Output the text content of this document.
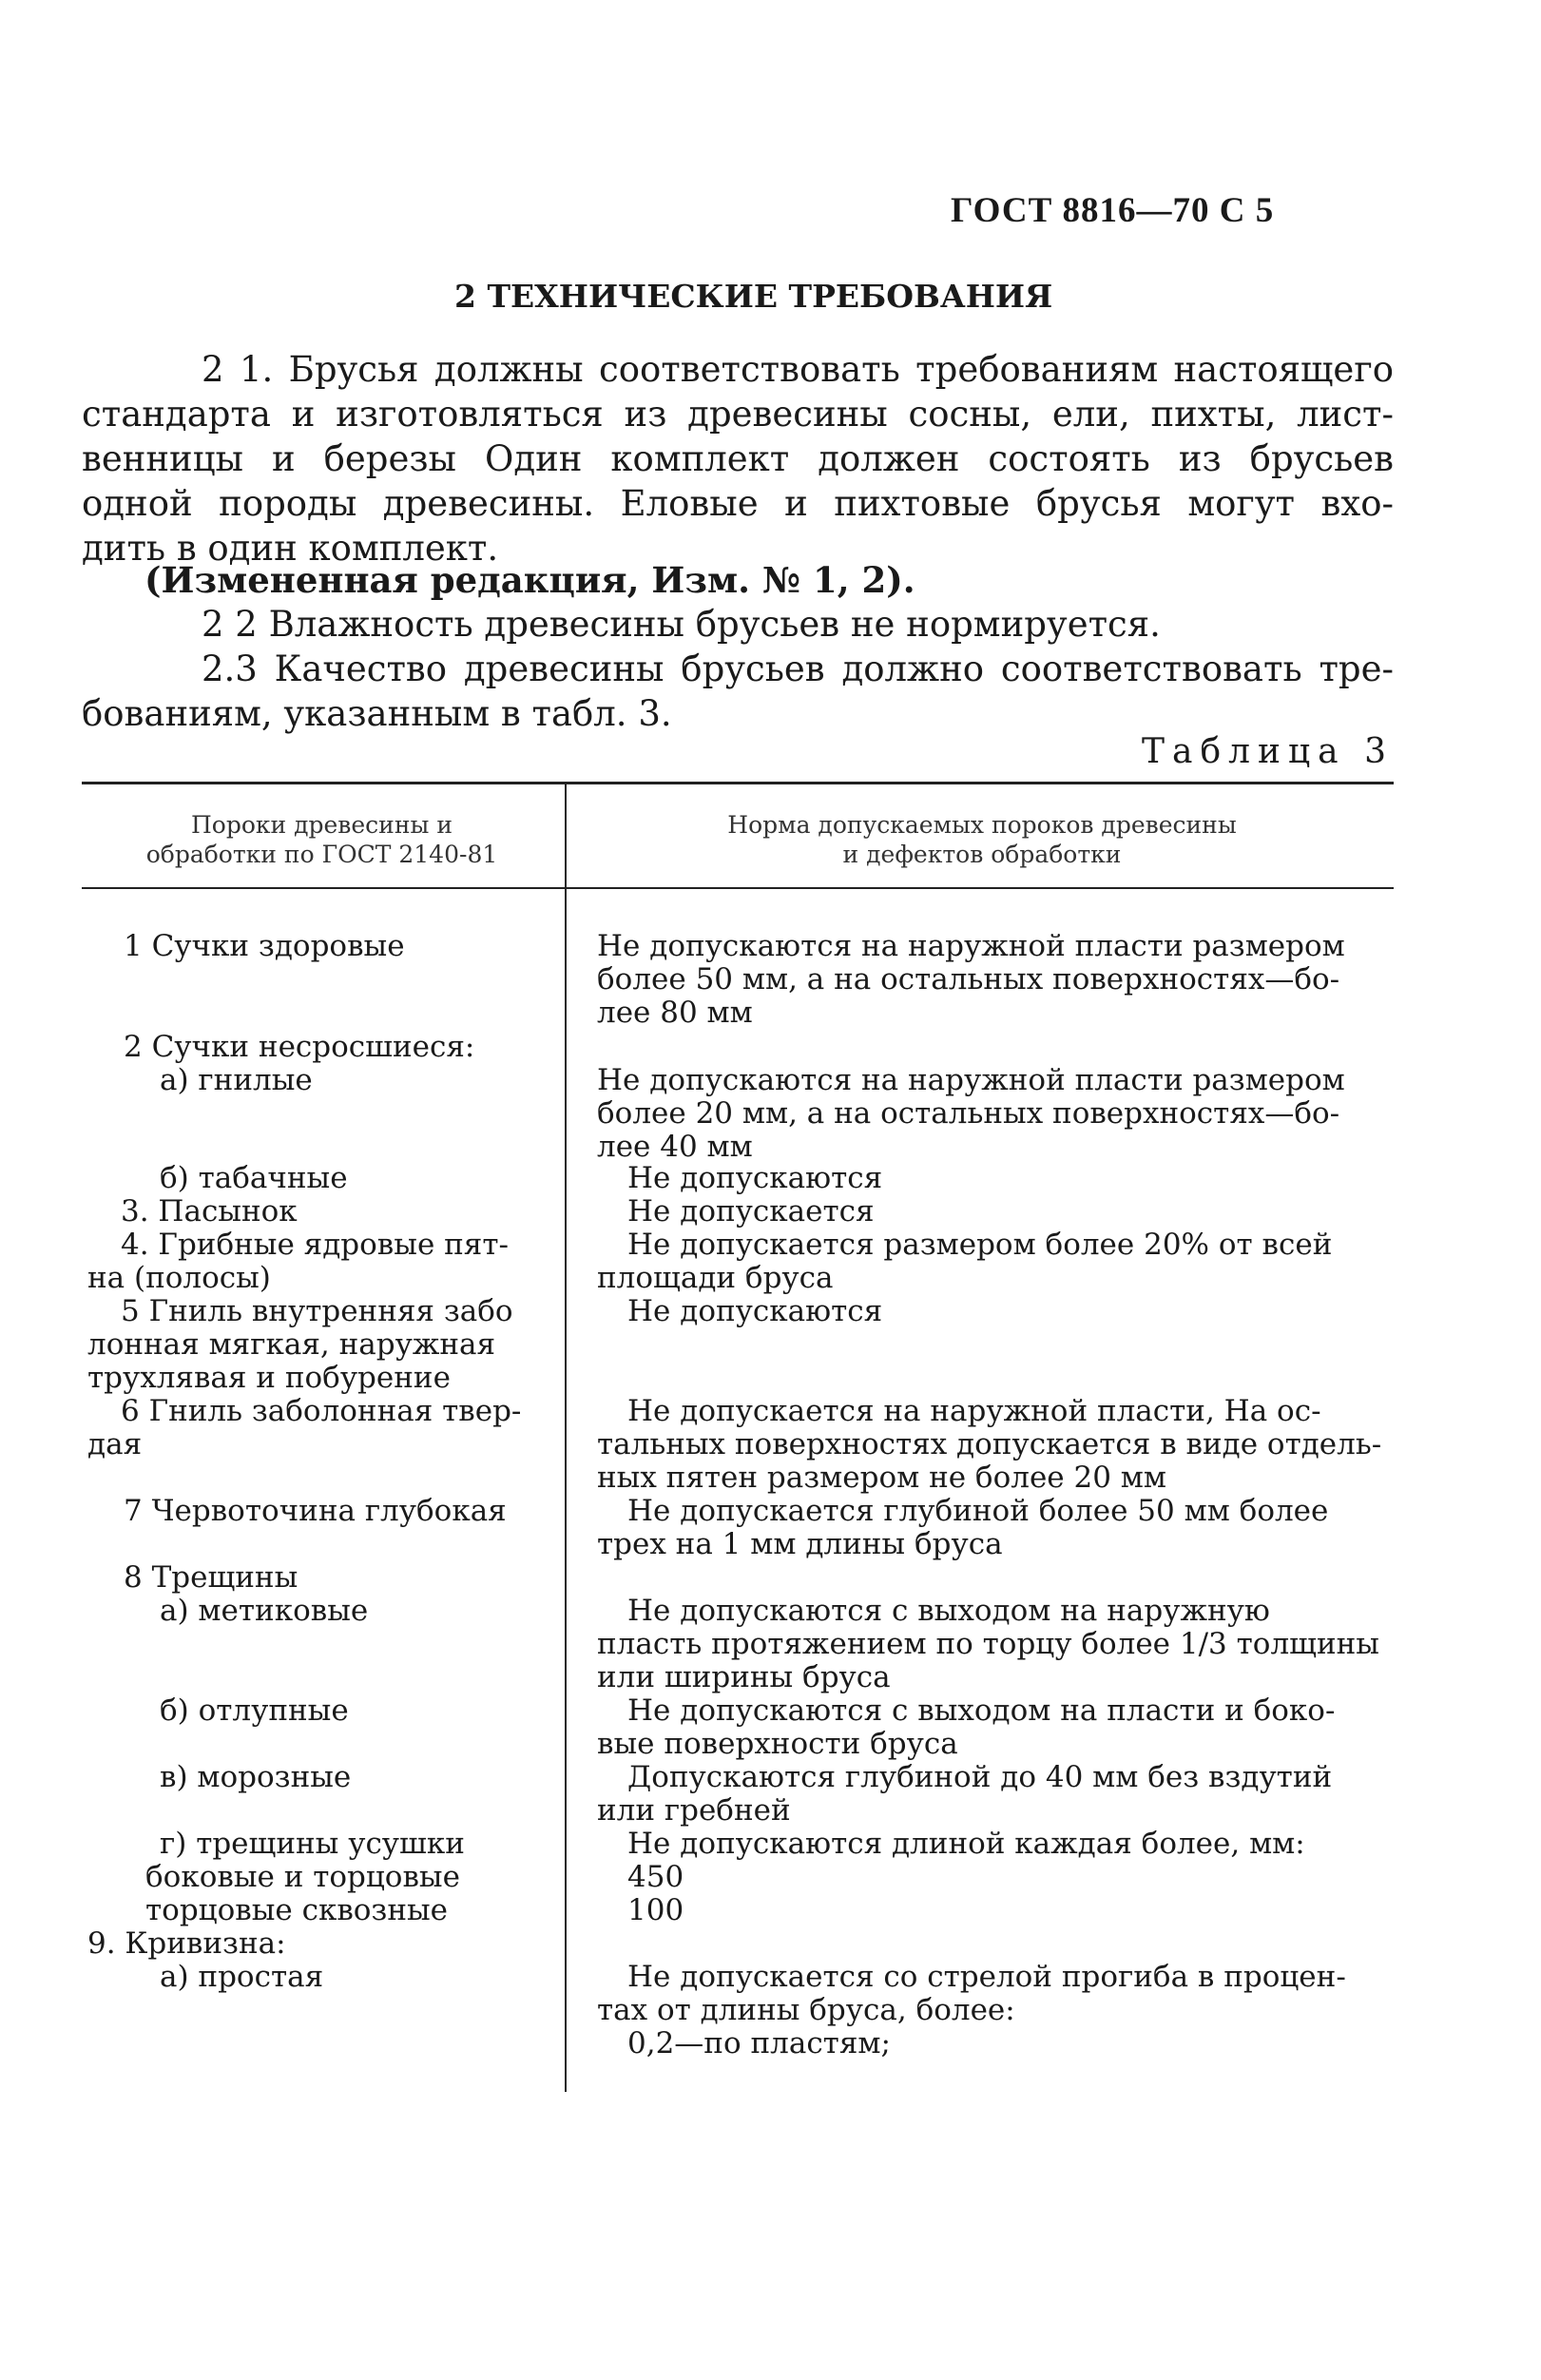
ГОСТ 8816—70 С 5
2 ТЕХНИЧЕСКИЕ ТРЕБОВАНИЯ
2 1. Брусья должны соответствовать требованиям настоящего
стандарта и изготовляться из древесины сосны, ели, пихты, лист-
венницы и березы Один комплект должен состоять из брусьев
одной породы древесины. Еловые и пихтовые брусья могут вхо-
дить в один комплект.
(Измененная редакция, Изм. № 1, 2).
2 2 Влажность древесины брусьев не нормируется.
2.3 Качество древесины брусьев должно соответствовать тре-
бованиям, указанным в табл. 3.
Таблица 3
Пороки древесины и
обработки по ГОСТ 2140-81
Норма допускаемых пороков древесины
и дефектов обработки
1 Сучки здоровые
2 Сучки несросшиеся:
а) гнилые
б) табачные
3. Пасынок
4. Грибные ядровые пят-
на (полосы)
5 Гниль внутренняя забо
лонная мягкая, наружная
трухлявая и побурение
6 Гниль заболонная твер-
дая
7 Червоточина глубокая
8 Трещины
а) метиковые
б) отлупные
в) морозные
г) трещины усушки
боковые и торцовые
торцовые сквозные
9. Кривизна:
а) простая
Не допускаются на наружной пласти размером
более 50 мм, а на остальных поверхностях—бо-
лее 80 мм
Не допускаются на наружной пласти размером
более 20 мм, а на остальных поверхностях—бо-
лее 40 мм
Не допускаются
Не допускается
Не допускается размером более 20% от всей
площади бруса
Не допускаются
Не допускается на наружной пласти, На ос-
тальных поверхностях допускается в виде отдель-
ных пятен размером не более 20 мм
Не допускается глубиной более 50 мм более
трех на 1 мм длины бруса
Не допускаются с выходом на наружную
пласть протяжением по торцу более 1/3 толщины
или ширины бруса
Не допускаются с выходом на пласти и боко-
вые поверхности бруса
Допускаются глубиной до 40 мм без вздутий
или гребней
Не допускаются длиной каждая более, мм:
450
100
Не допускается со стрелой прогиба в процен-
тах от длины бруса, более:
0,2—по пластям;
